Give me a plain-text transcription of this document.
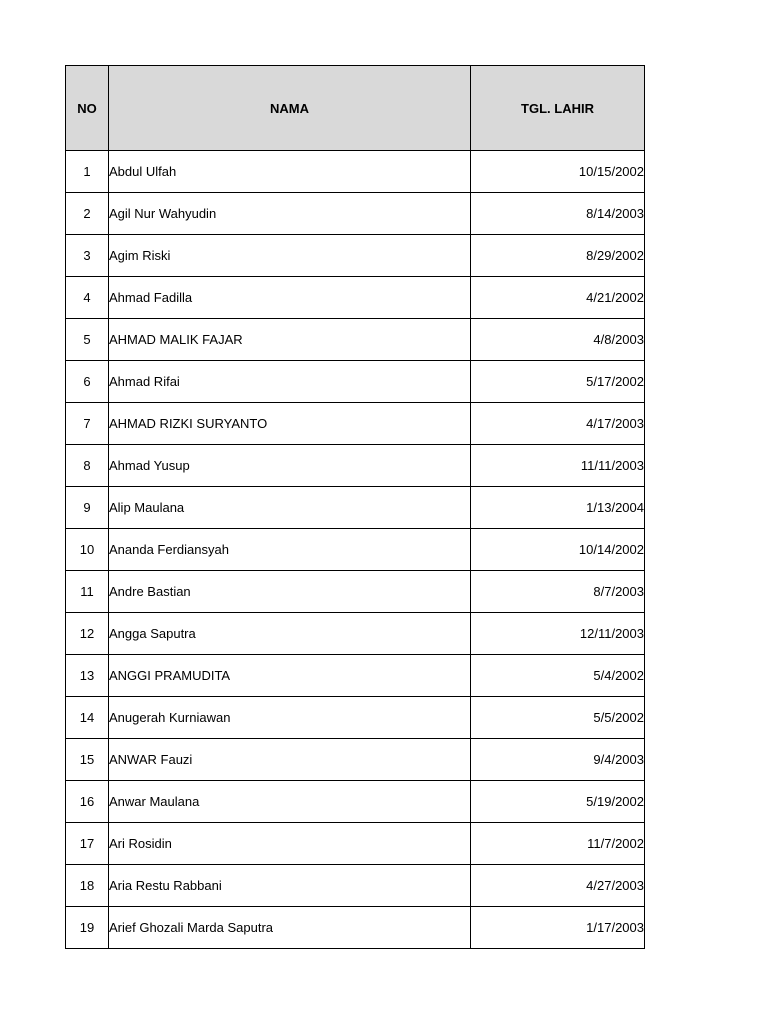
NO	NAMA	TGL. LAHIR
1	Abdul Ulfah	10/15/2002
2	Agil Nur Wahyudin	8/14/2003
3	Agim Riski	8/29/2002
4	Ahmad Fadilla	4/21/2002
5	AHMAD MALIK FAJAR	4/8/2003
6	Ahmad Rifai	5/17/2002
7	AHMAD RIZKI SURYANTO	4/17/2003
8	Ahmad Yusup	11/11/2003
9	Alip Maulana	1/13/2004
10	Ananda Ferdiansyah	10/14/2002
11	Andre Bastian	8/7/2003
12	Angga Saputra	12/11/2003
13	ANGGI PRAMUDITA	5/4/2002
14	Anugerah Kurniawan	5/5/2002
15	ANWAR Fauzi	9/4/2003
16	Anwar Maulana	5/19/2002
17	Ari Rosidin	11/7/2002
18	Aria Restu Rabbani	4/27/2003
19	Arief Ghozali Marda Saputra	1/17/2003
